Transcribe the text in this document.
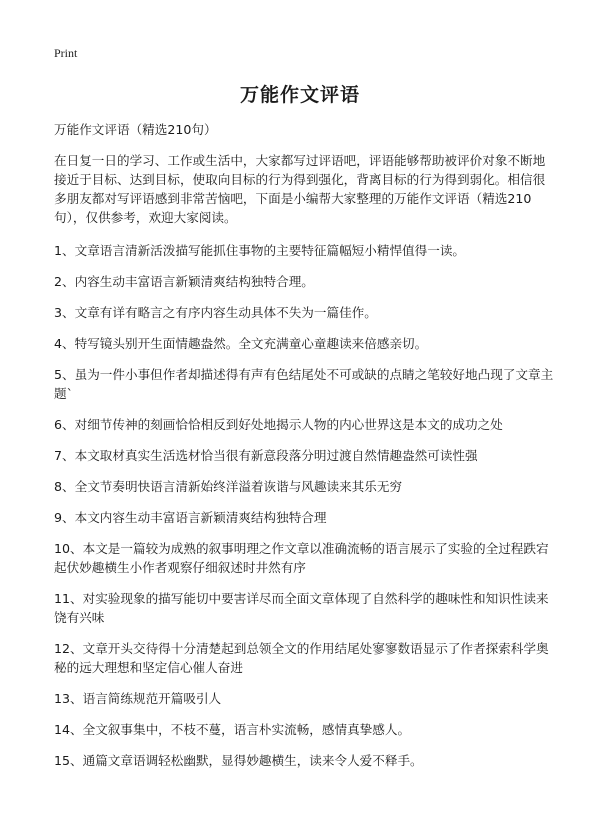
Print
万能作文评语

万能作文评语（精选210句）

在日复一日的学习、工作或生活中，大家都写过评语吧，评语能够帮助被评价对象不断地接近于目标、达到目标，使取向目标的行为得到强化，背离目标的行为得到弱化。相信很多朋友都对写评语感到非常苦恼吧，下面是小编帮大家整理的万能作文评语（精选210句），仅供参考，欢迎大家阅读。

1、文章语言清新活泼描写能抓住事物的主要特征篇幅短小精悍值得一读。

2、内容生动丰富语言新颖清爽结构独特合理。

3、文章有详有略言之有序内容生动具体不失为一篇佳作。

4、特写镜头别开生面情趣盎然。全文充满童心童趣读来倍感亲切。

5、虽为一件小事但作者却描述得有声有色结尾处不可或缺的点睛之笔较好地凸现了文章主题`

6、对细节传神的刻画恰恰相反到好处地揭示人物的内心世界这是本文的成功之处

7、本文取材真实生活选材恰当很有新意段落分明过渡自然情趣盎然可读性强

8、全文节奏明快语言清新始终洋溢着诙谐与风趣读来其乐无穷

9、本文内容生动丰富语言新颖清爽结构独特合理

10、本文是一篇较为成熟的叙事明理之作文章以准确流畅的语言展示了实验的全过程跌宕起伏妙趣横生小作者观察仔细叙述时井然有序

11、对实验现象的描写能切中要害详尽而全面文章体现了自然科学的趣味性和知识性读来饶有兴味

12、文章开头交待得十分清楚起到总领全文的作用结尾处寥寥数语显示了作者探索科学奥秘的远大理想和坚定信心催人奋进

13、语言简练规范开篇吸引人

14、全文叙事集中，不枝不蔓，语言朴实流畅，感情真挚感人。

15、通篇文章语调轻松幽默，显得妙趣横生，读来令人爱不释手。
